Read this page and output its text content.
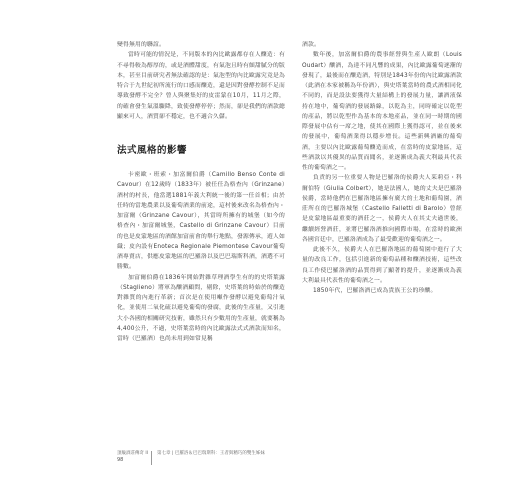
變得無用的聯誼。

當時可能的情況是，不同版本的內比歐露都存在人釀造：有不尋得較為醇厚的，或是酒體甜度，有氣泡且時有頗甜膩分的版本，甚至目前研究者無法確認的是：氣泡型的內比歐露究竟是為特合于九世紀初所流行的口感而釀造，還是因對發酵控制不足而導致發酵不完全？曾人與聚集好的皮雷蒙在10月，11月之際，的確會發生氣溫驟降，致使發酵停停；然而，卻是我們的酒款總顯來可人，酒質卻不穩定，也不適合久儲。

法式風格的影響

卡密歐・班索・加富爾伯爵（Camillo Benso Conte di Cavour）在12歲時（1833年）被任任為格查內（Grinzane）酒村的村長，他當選1881年義大利統一後的第一任首相；由於任時的當地農業以及葡萄酒業的前途，這村後來改名為格查內・加富爾（Grinzane Cavour），其當時所擁有的城堡（如今的格查內・加富爾城堡，Castello di Grinzane Cavour）目前的也是皮蒙地區的酒館加富前會的舉行地點，發源傳承，遊人如織；皮內設有Enoteca Regionale Piemontese Cavour葡萄酒專賣店，供應皮蒙地區的巴羅洛以及巴巴瑞斯科酒，酒選不可勝數。

加富爾伯爵在1836年開始對雜草理酒學生有的的史塔葉露（Staglieno）將軍為釀酒顧問，剔除，史塔葉的時始於的釀造對雜質的內進行革新；首次是在使用噸作發酵以避免葡萄汁氧化，並使用二氧化硫以避免葡萄的發腐，此後的生產量，又引進大小各國的相關研究技術，雖然只有少數用的生產量，就要稱為4,400公升，不過，史塔葉當時的內比歐露法式式酒款而知名，當時（巴羅酒）也尚未用到如常見稱

酒款。

數年後，加富爾伯爵的農事經營與生產人歐朗（Louis Oudart）釀酒，為達不同凡響的成果，內比歐露葡萄逐漸的發現了，最後而在釀造酒，特別是1843年份的內比歐露酒款（此酒在本家被稱為年份酒），與史塔葉當時的農式酒相同化不同的，而是設法要獲得大量結構上的發展力量，讓酒液保持在地中，葡萄酒的發展路線，以乾為主，同時確定以乾型的產品，將以乾型作為基本的本地產品，並在同一時期的國際發展中佔有一席之地，使其在國際上獲得認可，並在後來的發展中，葡萄酒業得以穩步增長。這些新興酒廠的葡萄酒，主要以內比歐露葡萄釀造而成，在當時的皮蒙地區，這些酒款以其優異的品質而聞名，並逐漸成為義大利最具代表性的葡萄酒之一。

負責的另一位重要人物是巴羅洛的侯爵夫人茱莉亞・科爾伯特（Giulia Colbert），她是法國人，她的丈夫是巴羅洛侯爵，當時他們在巴羅洛地區擁有廣大的土地和葡萄園，酒莊所在的巴羅洛城堡（Castello Falletti di Barolo）曾經是皮蒙地區最重要的酒莊之一，侯爵夫人在其丈夫過世後，繼續經營酒莊，並將巴羅洛酒推向國際市場，在當時的歐洲各國宮廷中，巴羅洛酒成為了最受歡迎的葡萄酒之一。

此後不久，侯爵夫人在巴羅洛地區的葡萄園中進行了大量的改良工作，包括引進新的葡萄品種和釀酒技術，這些改良工作使巴羅洛酒的品質得到了顯著的提升，並逐漸成為義大利最具代表性的葡萄酒之一。

1850年代，巴羅洛酒已成為貴族王公的珍釀。

頂級酒莊傳奇 II
98
第七章 | 巴羅洛＆巴巴瑞斯科：王者與精巧的雙生姊妹
